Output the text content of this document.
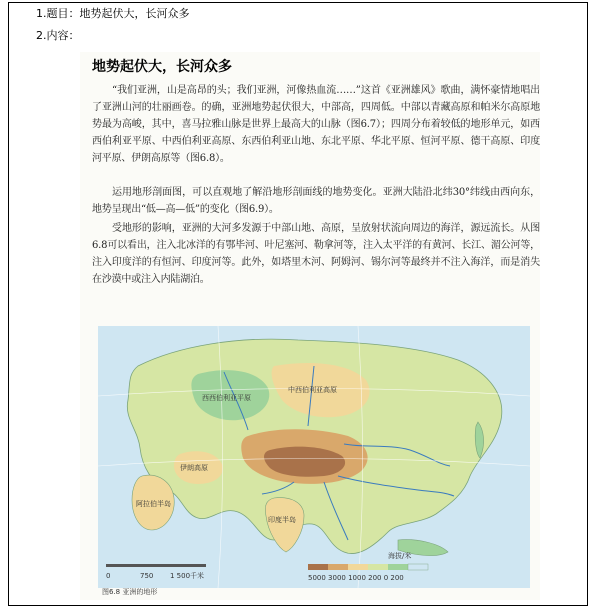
1.题目：地势起伏大，长河众多
2.内容：
地势起伏大，长河众多
“我们亚洲，山是高昂的头；我们亚洲，河像热血流……”这首《亚洲雄风》歌曲，满怀豪情地唱出了亚洲山河的壮丽画卷。的确，亚洲地势起伏很大，中部高，四周低。中部以青藏高原和帕米尔高原地势最为高峻，其中，喜马拉雅山脉是世界上最高大的山脉（图6.7）；四周分布着较低的地形单元，如西西伯利亚平原、中西伯利亚高原、东西伯利亚山地、东北平原、华北平原、恒河平原、德干高原、印度河平原、伊朗高原等（图6.8）。
运用地形剖面图，可以直观地了解沿地形剖面线的地势变化。亚洲大陆沿北纬30°纬线由西向东，地势呈现出“低—高—低”的变化（图6.9）。
受地形的影响，亚洲的大河多发源于中部山地、高原，呈放射状流向周边的海洋，源远流长。从图6.8可以看出，注入北冰洋的有鄂毕河、叶尼塞河、勒拿河等，注入太平洋的有黄河、长江、湄公河等，注入印度洋的有恒河、印度河等。此外，如塔里木河、阿姆河、锡尔河等最终并不注入海洋，而是消失在沙漠中或注入内陆湖泊。
西西伯利亚平原
中西伯利亚高原
伊朗高原
阿拉伯半岛
印度半岛
0	750 1 500千米
海拔/米
5000 3000 1000 200 0 200
图6.8 亚洲的地形
